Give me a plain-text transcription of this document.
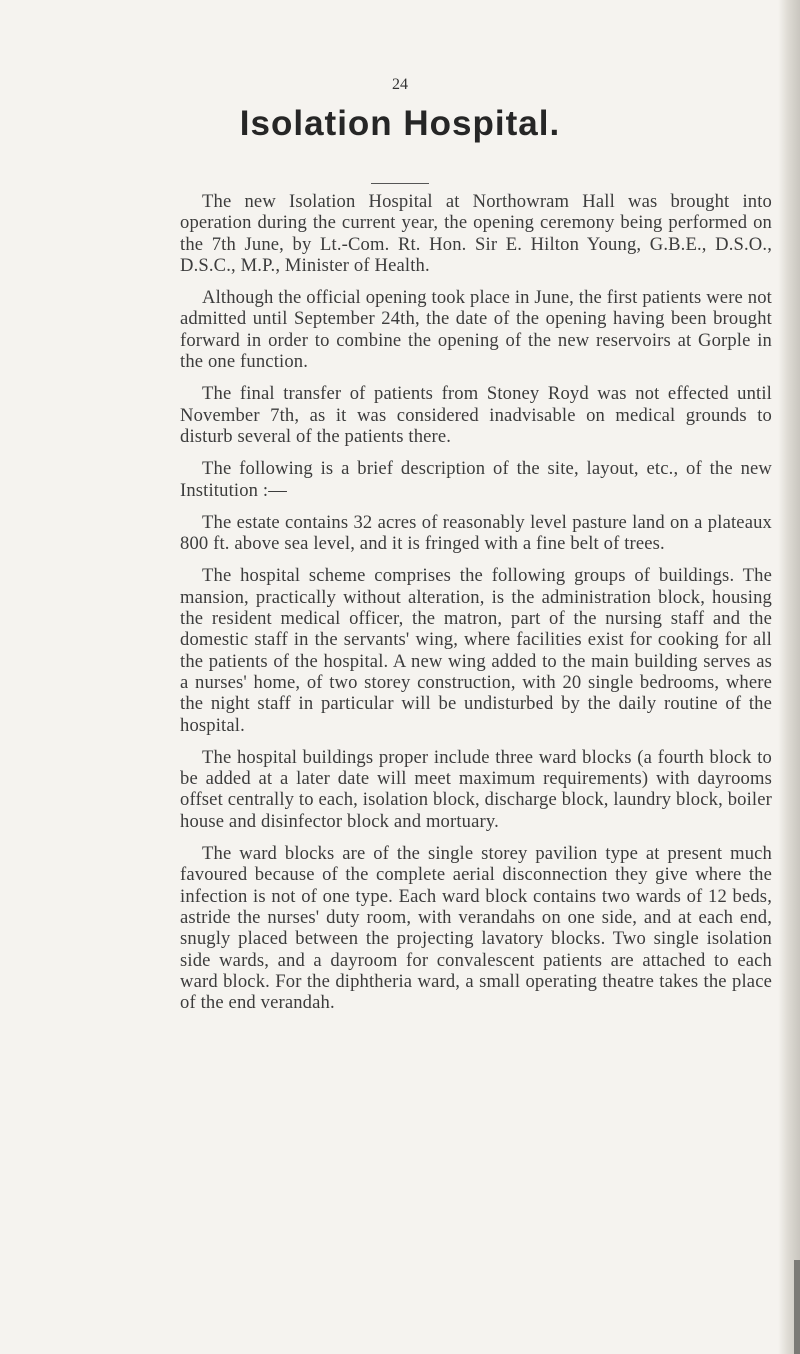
24
Isolation Hospital.

The new Isolation Hospital at Northowram Hall was brought into operation during the current year, the opening ceremony being performed on the 7th June, by Lt.-Com. Rt. Hon. Sir E. Hilton Young, G.B.E., D.S.O., D.S.C., M.P., Minister of Health.

Although the official opening took place in June, the first patients were not admitted until September 24th, the date of the opening having been brought forward in order to combine the opening of the new reservoirs at Gorple in the one function.

The final transfer of patients from Stoney Royd was not effected until November 7th, as it was considered inadvisable on medical grounds to disturb several of the patients there.

The following is a brief description of the site, layout, etc., of the new Institution :—

The estate contains 32 acres of reasonably level pasture land on a plateaux 800 ft. above sea level, and it is fringed with a fine belt of trees.

The hospital scheme comprises the following groups of buildings. The mansion, practically without alteration, is the administration block, housing the resident medical officer, the matron, part of the nursing staff and the domestic staff in the servants' wing, where facilities exist for cooking for all the patients of the hospital. A new wing added to the main building serves as a nurses' home, of two storey construction, with 20 single bedrooms, where the night staff in particular will be undisturbed by the daily routine of the hospital.

The hospital buildings proper include three ward blocks (a fourth block to be added at a later date will meet maximum requirements) with dayrooms offset centrally to each, isolation block, discharge block, laundry block, boiler house and disinfector block and mortuary.

The ward blocks are of the single storey pavilion type at present much favoured because of the complete aerial disconnection they give where the infection is not of one type. Each ward block contains two wards of 12 beds, astride the nurses' duty room, with verandahs on one side, and at each end, snugly placed between the projecting lavatory blocks. Two single isolation side wards, and a dayroom for convalescent patients are attached to each ward block. For the diphtheria ward, a small operating theatre takes the place of the end verandah.
